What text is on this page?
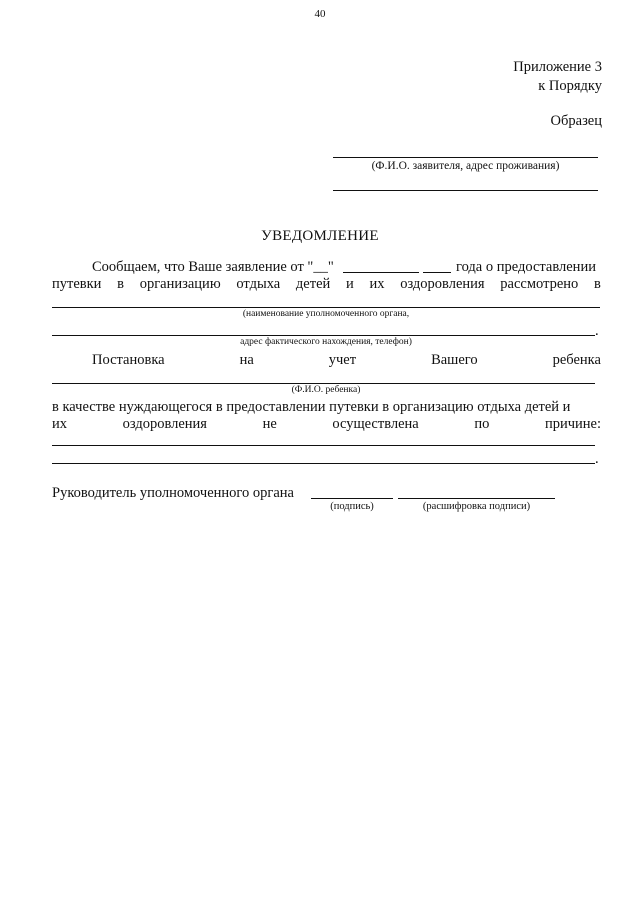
40
Приложение 3
к Порядку
Образец
(Ф.И.О. заявителя, адрес проживания)
УВЕДОМЛЕНИЕ
Сообщаем, что Ваше заявление от "__"	года о предоставлении
путевки в организацию отдыха детей и их оздоровления рассмотрено в
(наименование уполномоченного органа,
.
адрес фактического нахождения, телефон)
Постановка	на	учет	Вашего	ребенка
(Ф.И.О. ребенка)
в качестве нуждающегося в предоставлении путевки в организацию отдыха детей и
их	оздоровления	не	осуществлена	по	причине:
.
Руководитель уполномоченного органа
(подпись)	(расшифровка подписи)
